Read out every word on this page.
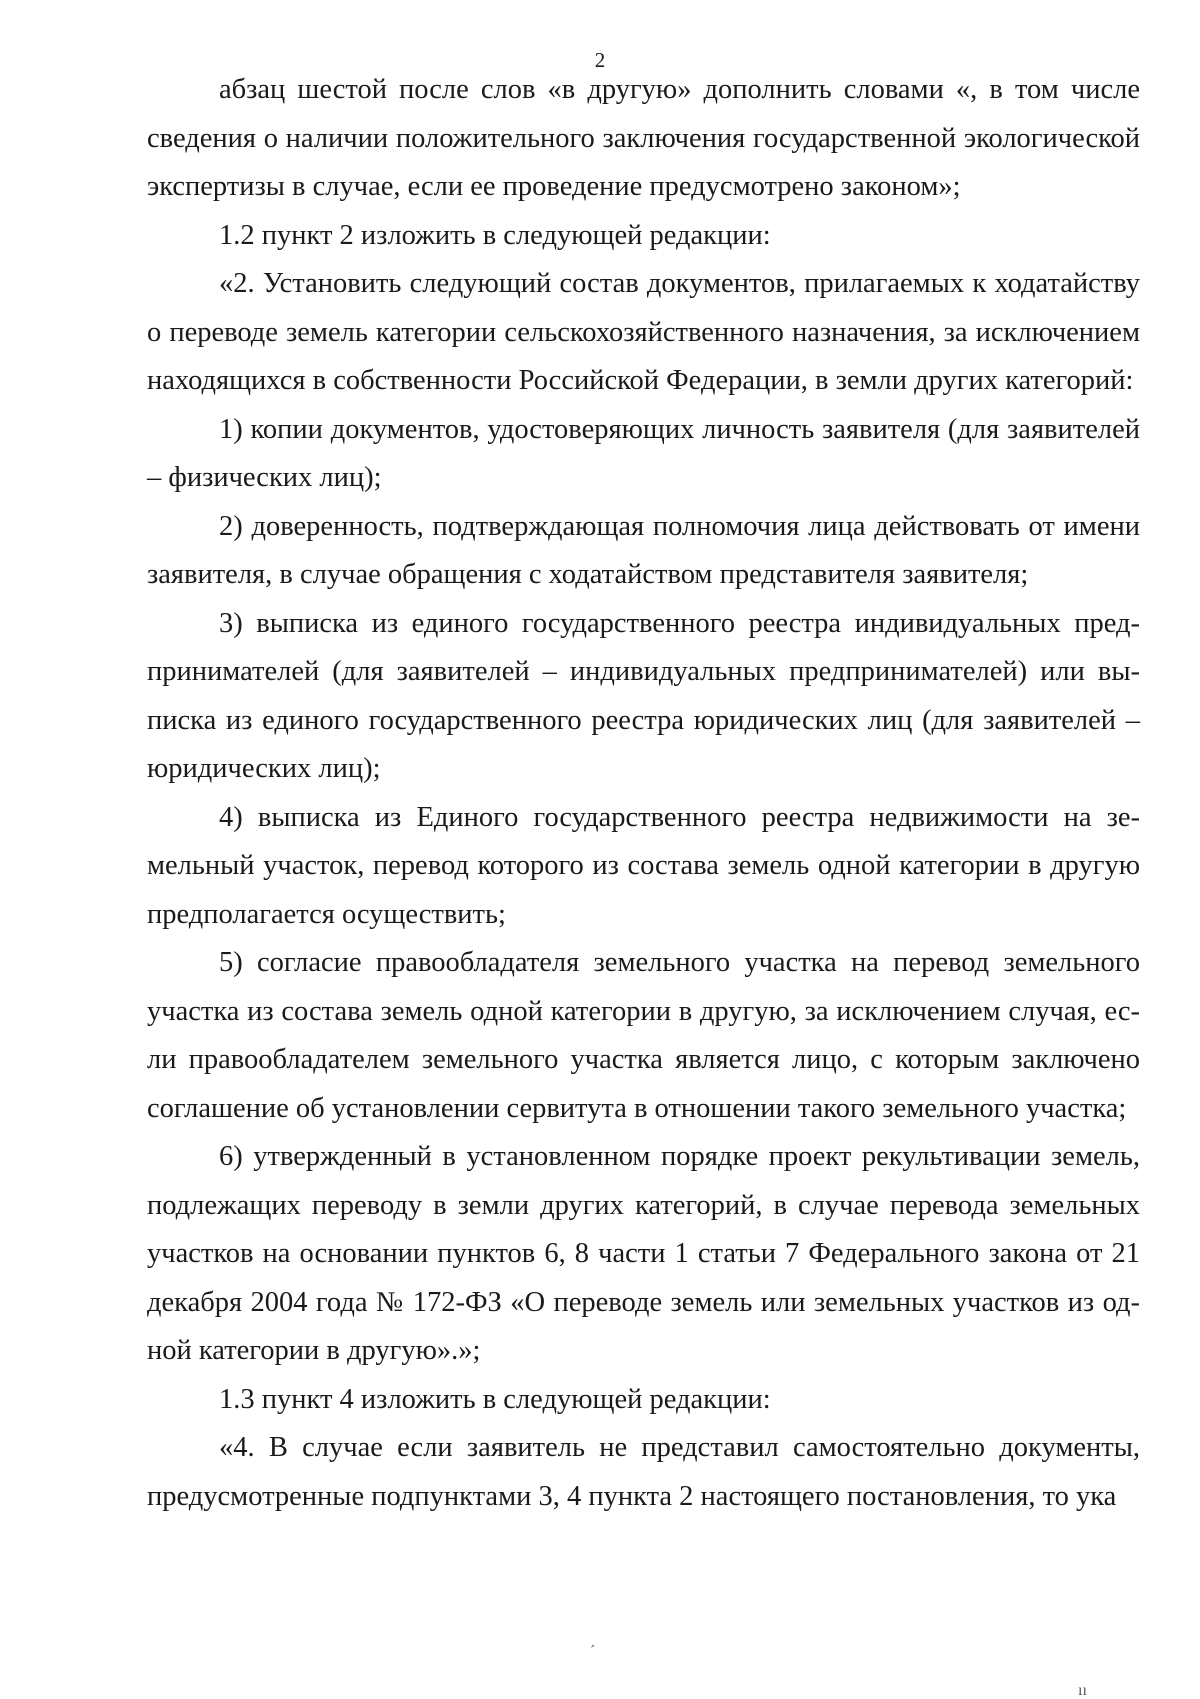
2

абзац шестой после слов «в другую» дополнить словами «, в том числе сведения о наличии положительного заключения государственной экологической экспертизы в случае, если ее проведение предусмотрено законом»;

1.2 пункт 2 изложить в следующей редакции:

«2. Установить следующий состав документов, прилагаемых к ходатайству о переводе земель категории сельскохозяйственного назначения, за исключением находящихся в собственности Российской Федерации, в земли других категорий:

1) копии документов, удостоверяющих личность заявителя (для заявителей – физических лиц);

2) доверенность, подтверждающая полномочия лица действовать от имени заявителя, в случае обращения с ходатайством представителя заявителя;

3) выписка из единого государственного реестра индивидуальных предпринимателей (для заявителей – индивидуальных предпринимателей) или выписка из единого государственного реестра юридических лиц (для заявителей – юридических лиц);

4) выписка из Единого государственного реестра недвижимости на земельный участок, перевод которого из состава земель одной категории в другую предполагается осуществить;

5) согласие правообладателя земельного участка на перевод земельного участка из состава земель одной категории в другую, за исключением случая, если правообладателем земельного участка является лицо, с которым заключено соглашение об установлении сервитута в отношении такого земельного участка;

6) утвержденный в установленном порядке проект рекультивации земель, подлежащих переводу в земли других категорий, в случае перевода земельных участков на основании пунктов 6, 8 части 1 статьи 7 Федерального закона от 21 декабря 2004 года № 172-ФЗ «О переводе земель или земельных участков из одной категории в другую».»;

1.3 пункт 4 изложить в следующей редакции:

«4. В случае если заявитель не представил самостоятельно документы, предусмотренные подпунктами 3, 4 пункта 2 настоящего постановления, то ука

ˊ
ıı
